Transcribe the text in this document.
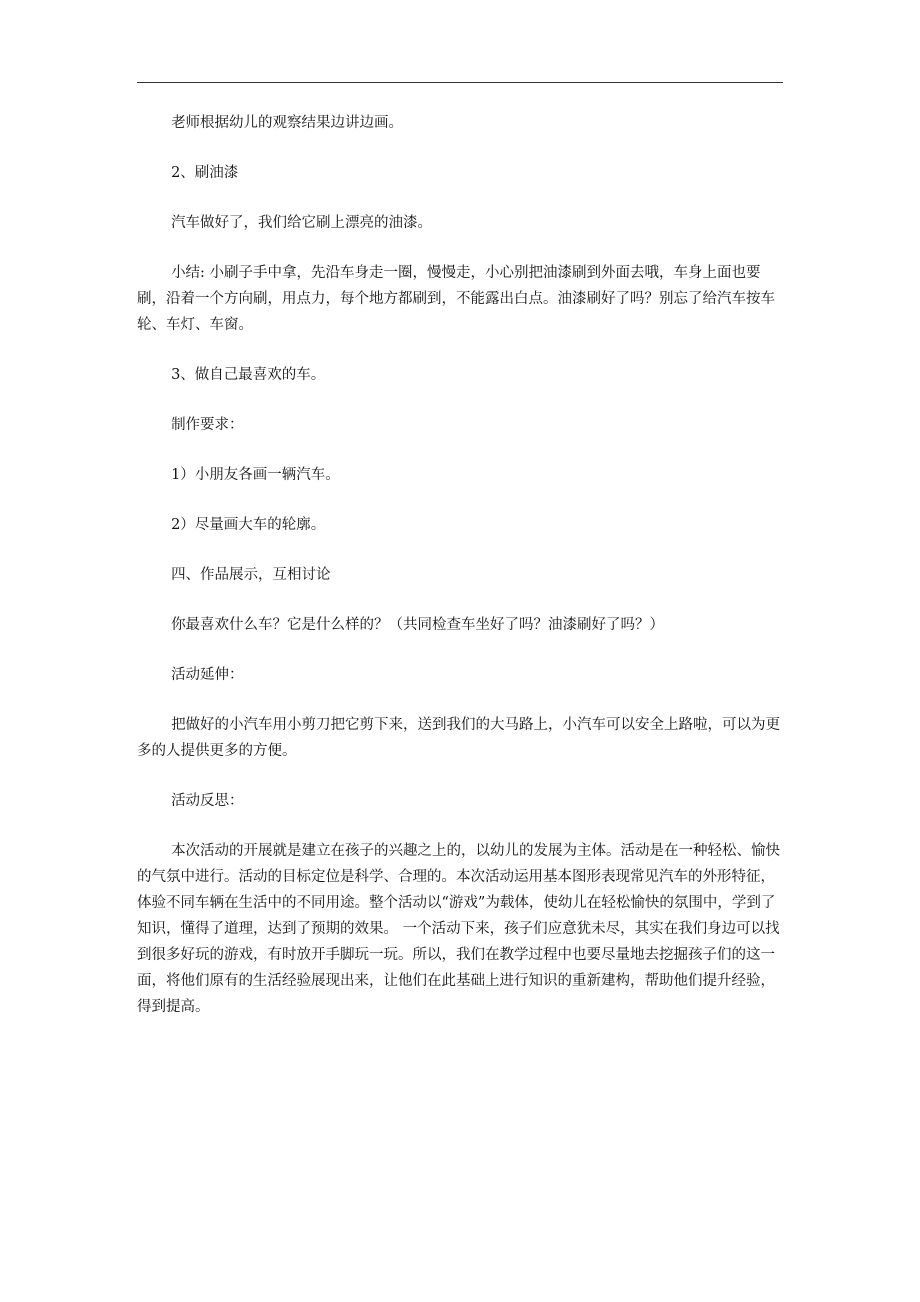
老师根据幼儿的观察结果边讲边画。

2、刷油漆

汽车做好了，我们给它刷上漂亮的油漆。

小结: 小刷子手中拿，先沿车身走一圈，慢慢走，小心别把油漆刷到外面去哦，车身上面也要刷，沿着一个方向刷，用点力，每个地方都刷到，不能露出白点。油漆刷好了吗？别忘了给汽车按车轮、车灯、车窗。

3、做自己最喜欢的车。

制作要求：

1）小朋友各画一辆汽车。

2）尽量画大车的轮廓。

四、作品展示，互相讨论

你最喜欢什么车？它是什么样的？（共同检查车坐好了吗？油漆刷好了吗？）

活动延伸：

把做好的小汽车用小剪刀把它剪下来，送到我们的大马路上，小汽车可以安全上路啦，可以为更多的人提供更多的方便。

活动反思：

本次活动的开展就是建立在孩子的兴趣之上的，以幼儿的发展为主体。活动是在一种轻松、愉快的气氛中进行。活动的目标定位是科学、合理的。本次活动运用基本图形表现常见汽车的外形特征，体验不同车辆在生活中的不同用途。整个活动以“游戏”为载体，使幼儿在轻松愉快的氛围中，学到了知识，懂得了道理，达到了预期的效果。 一个活动下来，孩子们应意犹未尽，其实在我们身边可以找到很多好玩的游戏，有时放开手脚玩一玩。所以，我们在教学过程中也要尽量地去挖掘孩子们的这一面，将他们原有的生活经验展现出来，让他们在此基础上进行知识的重新建构，帮助他们提升经验，得到提高。
